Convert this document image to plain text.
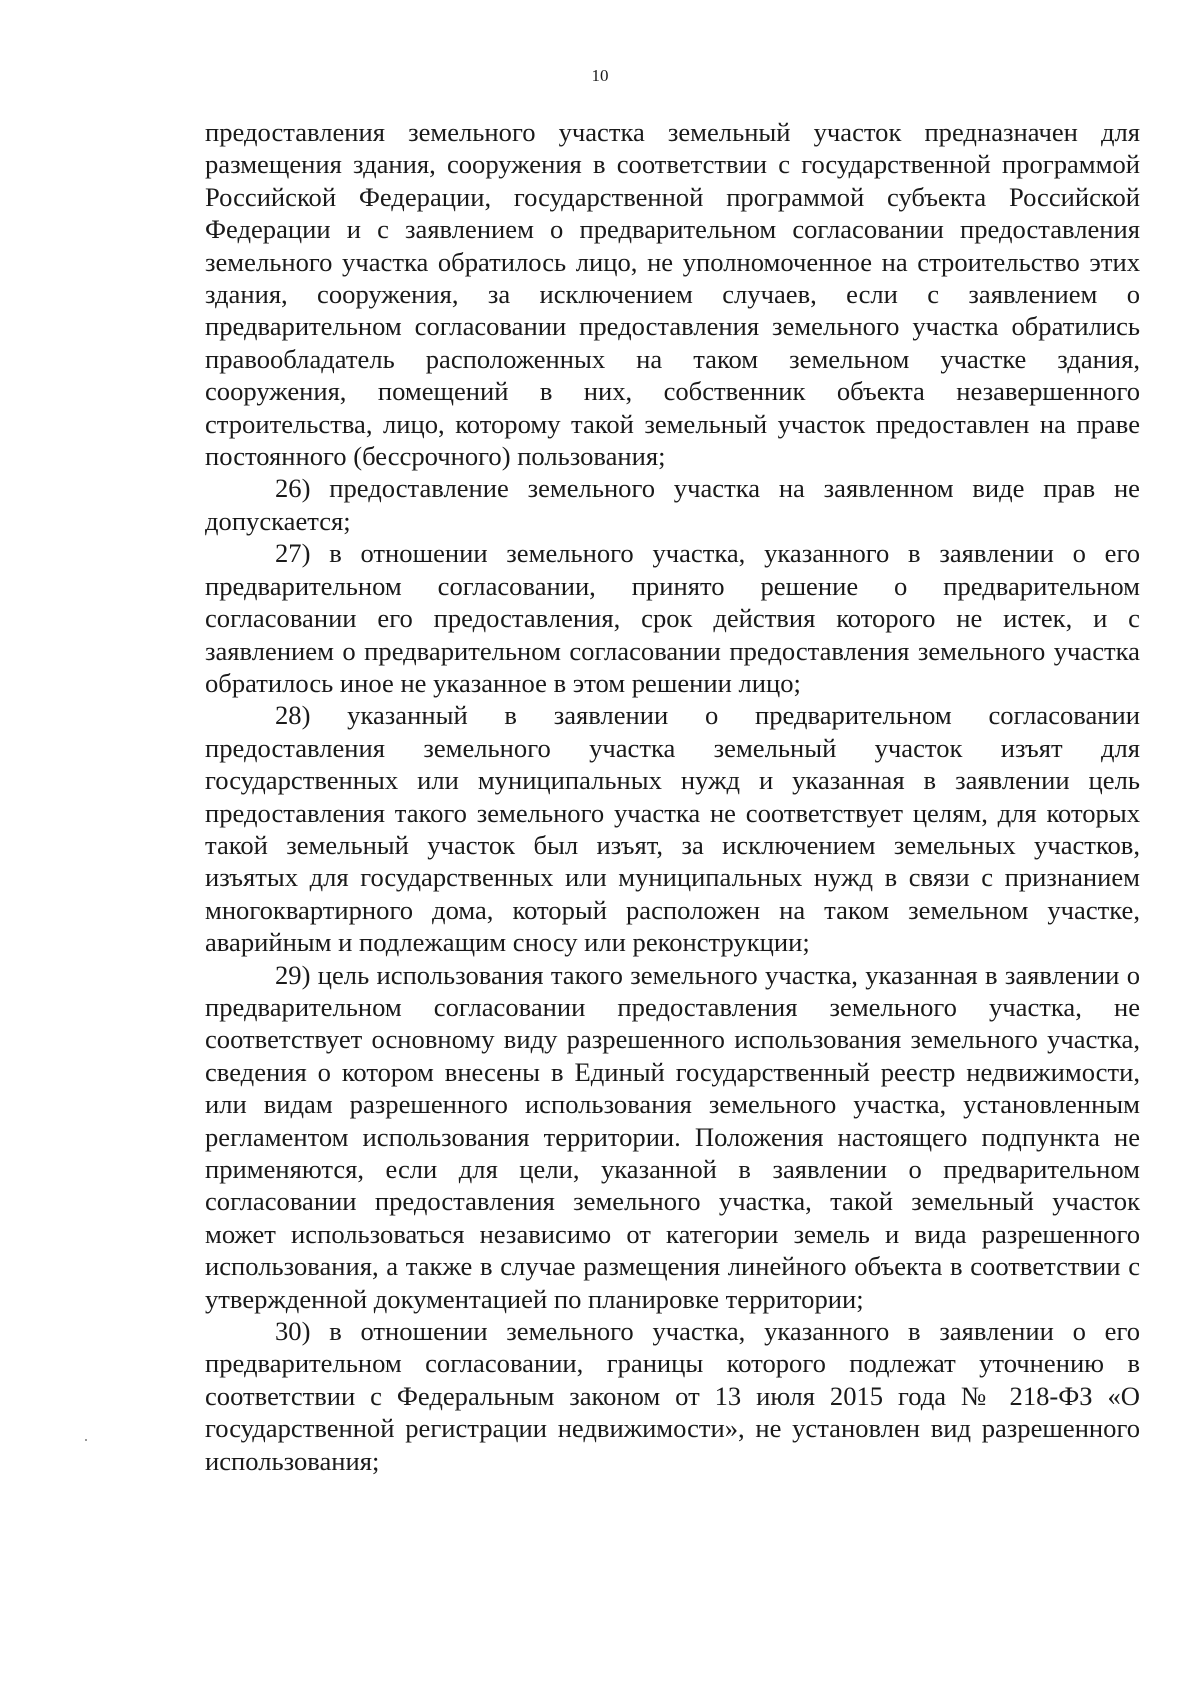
10

предоставления земельного участка земельный участок предназначен для размещения здания, сооружения в соответствии с государственной программой Российской Федерации, государственной программой субъекта Российской Федерации и с заявлением о предварительном согласовании предоставления земельного участка обратилось лицо, не уполномоченное на строительство этих здания, сооружения, за исключением случаев, если с заявлением о предварительном согласовании предоставления земельного участка обратились правообладатель расположенных на таком земельном участке здания, сооружения, помещений в них, собственник объекта незавершенного строительства, лицо, которому такой земельный участок предоставлен на праве постоянного (бессрочного) пользования;

26) предоставление земельного участка на заявленном виде прав не допускается;

27) в отношении земельного участка, указанного в заявлении о его предварительном согласовании, принято решение о предварительном согласовании его предоставления, срок действия которого не истек, и с заявлением о предварительном согласовании предоставления земельного участка обратилось иное не указанное в этом решении лицо;

28) указанный в заявлении о предварительном согласовании предоставления земельного участка земельный участок изъят для государственных или муниципальных нужд и указанная в заявлении цель предоставления такого земельного участка не соответствует целям, для которых такой земельный участок был изъят, за исключением земельных участков, изъятых для государственных или муниципальных нужд в связи с признанием многоквартирного дома, который расположен на таком земельном участке, аварийным и подлежащим сносу или реконструкции;

29) цель использования такого земельного участка, указанная в заявлении о предварительном согласовании предоставления земельного участка, не соответствует основному виду разрешенного использования земельного участка, сведения о котором внесены в Единый государственный реестр недвижимости, или видам разрешенного использования земельного участка, установленным регламентом использования территории. Положения настоящего подпункта не применяются, если для цели, указанной в заявлении о предварительном согласовании предоставления земельного участка, такой земельный участок может использоваться независимо от категории земель и вида разрешенного использования, а также в случае размещения линейного объекта в соответствии с утвержденной документацией по планировке территории;

30) в отношении земельного участка, указанного в заявлении о его предварительном согласовании, границы которого подлежат уточнению в соответствии с Федеральным законом от 13 июля 2015 года № 218-ФЗ «О государственной регистрации недвижимости», не установлен вид разрешенного использования;
